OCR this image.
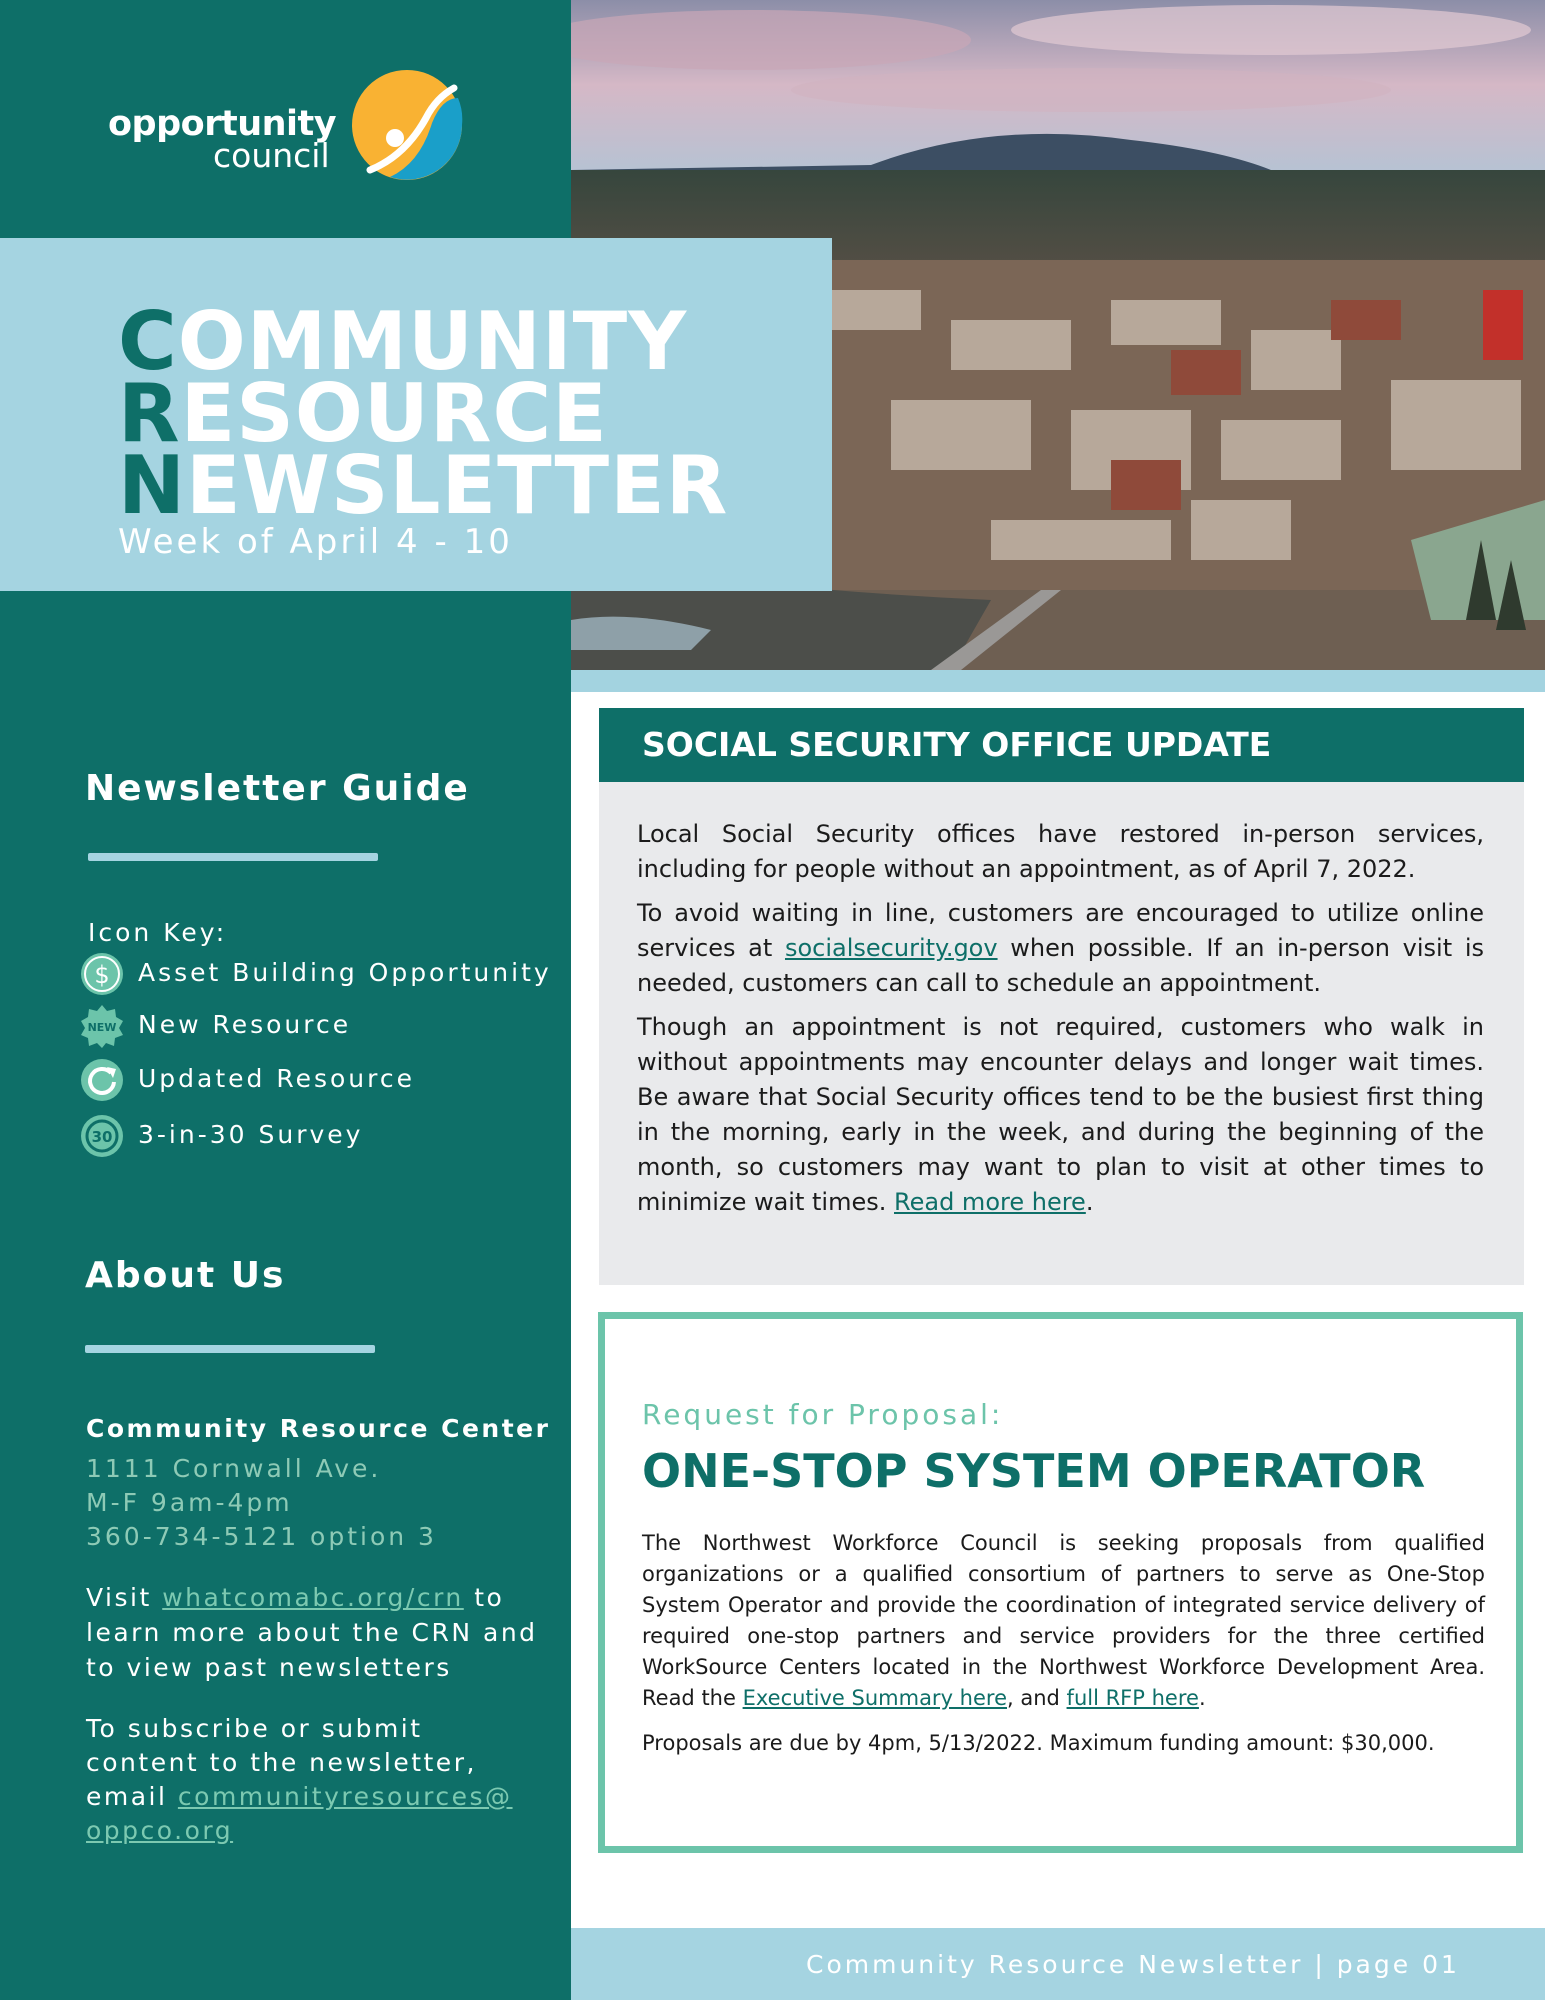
opportunity
council
COMMUNITY
RESOURCE
NEWSLETTER
Week of April 4 - 10
Newsletter Guide
Icon Key:
$ Asset Building Opportunity
NEW New Resource
Updated Resource
30 3-in-30 Survey
About Us
Community Resource Center
1111 Cornwall Ave.
M-F 9am-4pm
360-734-5121 option 3
Visit whatcomabc.org/crn to learn more about the CRN and to view past newsletters
To subscribe or submit content to the newsletter, email communityresources@ oppco.org
SOCIAL SECURITY OFFICE UPDATE

Local Social Security offices have restored in-person services, including for people without an appointment, as of April 7, 2022.

To avoid waiting in line, customers are encouraged to utilize online services at socialsecurity.gov when possible. If an in-person visit is needed, customers can call to schedule an appointment.

Though an appointment is not required, customers who walk in without appointments may encounter delays and longer wait times. Be aware that Social Security offices tend to be the busiest first thing in the morning, early in the week, and during the beginning of the month, so customers may want to plan to visit at other times to minimize wait times. Read more here.

Request for Proposal:
ONE-STOP SYSTEM OPERATOR

The Northwest Workforce Council is seeking proposals from qualified organizations or a qualified consortium of partners to serve as One-Stop System Operator and provide the coordination of integrated service delivery of required one-stop partners and service providers for the three certified WorkSource Centers located in the Northwest Workforce Development Area. Read the Executive Summary here, and full RFP here.

Proposals are due by 4pm, 5/13/2022. Maximum funding amount: $30,000.

Community Resource Newsletter | page 01
